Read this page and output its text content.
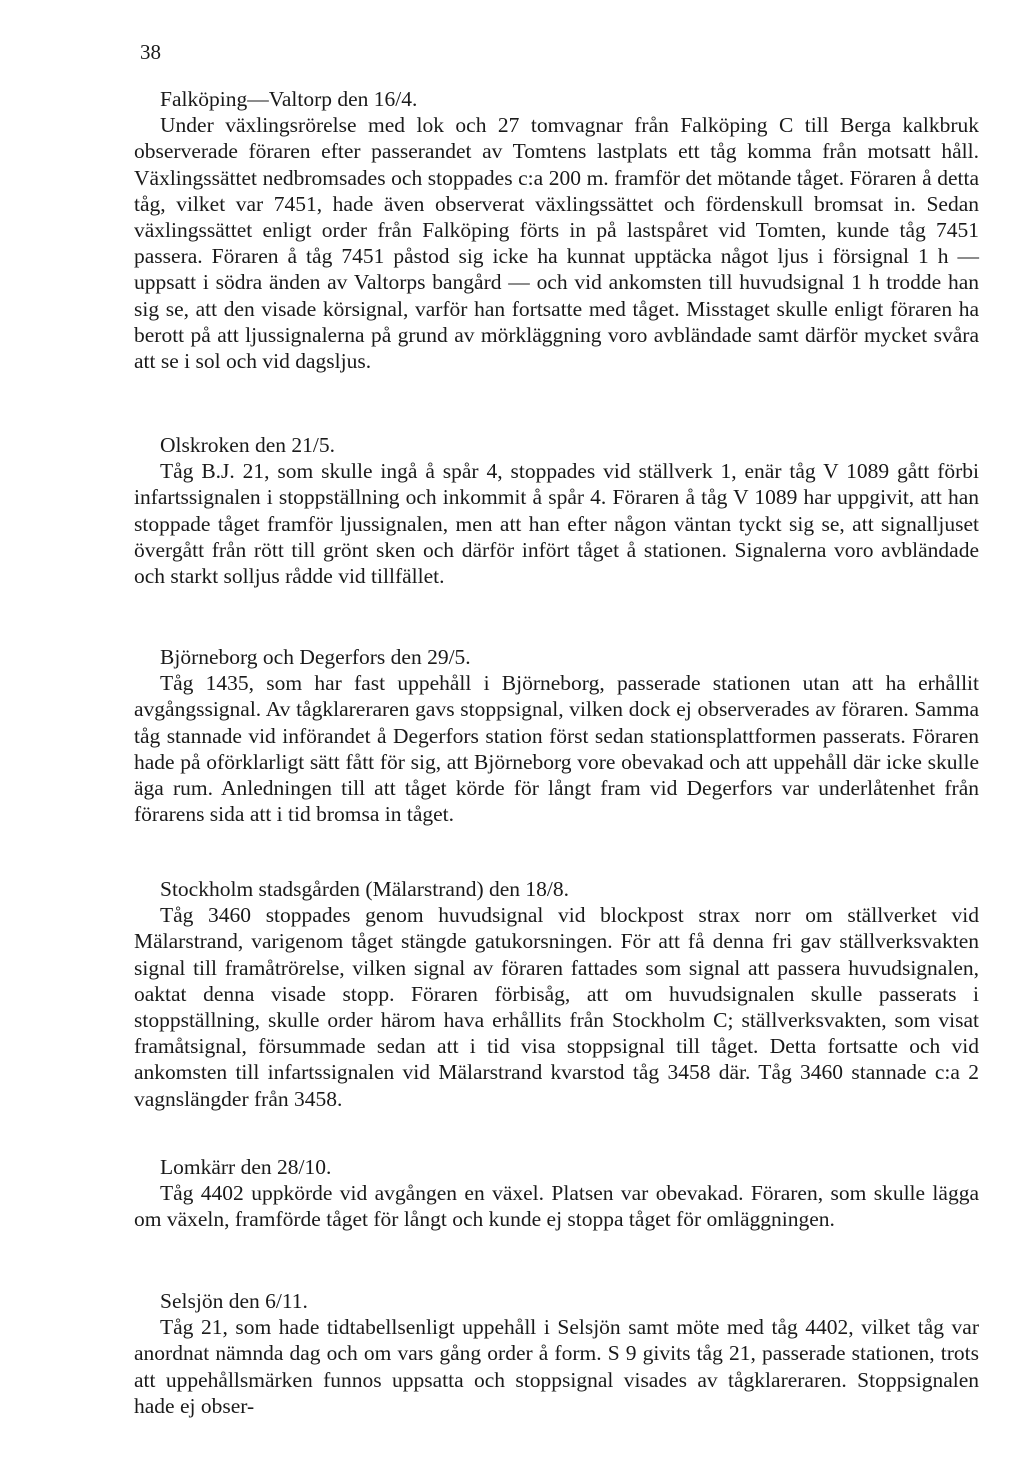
38

Falköping—Valtorp den 16/4.

Under växlingsrörelse med lok och 27 tomvagnar från Falköping C till Berga kalkbruk observerade föraren efter passerandet av Tomtens lastplats ett tåg komma från motsatt håll. Växlingssättet nedbromsades och stoppades c:a 200 m. framför det mötande tåget. Föraren å detta tåg, vilket var 7451, hade även observerat växlingssättet och fördenskull bromsat in. Sedan växlingssättet enligt order från Falköping förts in på lastspåret vid Tomten, kunde tåg 7451 passera. Föraren å tåg 7451 påstod sig icke ha kunnat upptäcka något ljus i försignal 1 h — uppsatt i södra änden av Valtorps bangård — och vid ankomsten till huvudsignal 1 h trodde han sig se, att den visade körsignal, varför han fortsatte med tåget. Misstaget skulle enligt föraren ha berott på att ljussignalerna på grund av mörkläggning voro avbländade samt därför mycket svåra att se i sol och vid dagsljus.

Olskroken den 21/5.

Tåg B.J. 21, som skulle ingå å spår 4, stoppades vid ställverk 1, enär tåg V 1089 gått förbi infartssignalen i stoppställning och inkommit å spår 4. Föraren å tåg V 1089 har uppgivit, att han stoppade tåget framför ljussignalen, men att han efter någon väntan tyckt sig se, att signalljuset övergått från rött till grönt sken och därför infört tåget å stationen. Signalerna voro avbländade och starkt solljus rådde vid tillfället.

Björneborg och Degerfors den 29/5.

Tåg 1435, som har fast uppehåll i Björneborg, passerade stationen utan att ha erhållit avgångssignal. Av tågklareraren gavs stoppsignal, vilken dock ej observerades av föraren. Samma tåg stannade vid införandet å Degerfors station först sedan stationsplattformen passerats. Föraren hade på oförklarligt sätt fått för sig, att Björneborg vore obevakad och att uppehåll där icke skulle äga rum. Anledningen till att tåget körde för långt fram vid Degerfors var underlåtenhet från förarens sida att i tid bromsa in tåget.

Stockholm stadsgården (Mälarstrand) den 18/8.

Tåg 3460 stoppades genom huvudsignal vid blockpost strax norr om ställverket vid Mälarstrand, varigenom tåget stängde gatukorsningen. För att få denna fri gav ställverksvakten signal till framåtrörelse, vilken signal av föraren fattades som signal att passera huvudsignalen, oaktat denna visade stopp. Föraren förbisåg, att om huvudsignalen skulle passerats i stoppställning, skulle order härom hava erhållits från Stockholm C; ställverksvakten, som visat framåtsignal, försummade sedan att i tid visa stoppsignal till tåget. Detta fortsatte och vid ankomsten till infartssignalen vid Mälarstrand kvarstod tåg 3458 där. Tåg 3460 stannade c:a 2 vagnslängder från 3458.

Lomkärr den 28/10.

Tåg 4402 uppkörde vid avgången en växel. Platsen var obevakad. Föraren, som skulle lägga om växeln, framförde tåget för långt och kunde ej stoppa tåget för omläggningen.

Selsjön den 6/11.

Tåg 21, som hade tidtabellsenligt uppehåll i Selsjön samt möte med tåg 4402, vilket tåg var anordnat nämnda dag och om vars gång order å form. S 9 givits tåg 21, passerade stationen, trots att uppehållsmärken funnos uppsatta och stoppsignal visades av tågklareraren. Stoppsignalen hade ej obser-
